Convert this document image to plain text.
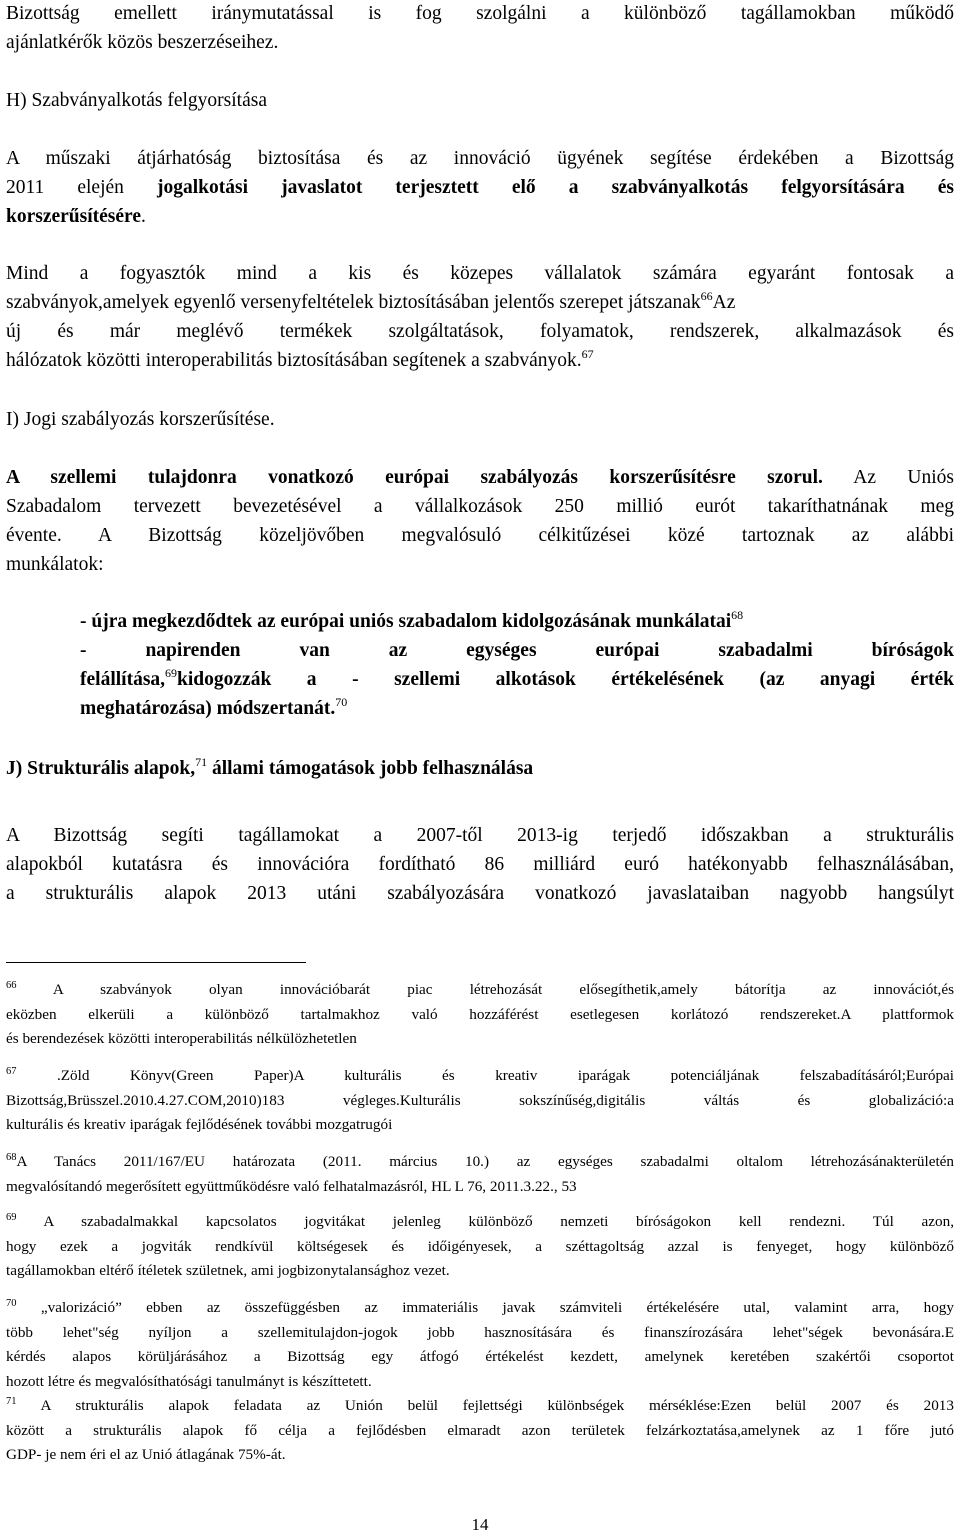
Bizottság emellett iránymutatással is fog szolgálni a különböző tagállamokban működő
ajánlatkérők közös beszerzéseihez.
H) Szabványalkotás felgyorsítása
A műszaki átjárhatóság biztosítása és az innováció ügyének segítése érdekében a Bizottság
2011 elején jogalkotási javaslatot terjesztett elő a szabványalkotás felgyorsítására és
korszerűsítésére.
Mind a fogyasztók mind a kis és közepes vállalatok számára egyaránt fontosak a
szabványok,amelyek egyenlő versenyfeltételek biztosításában jelentős szerepet játszanak$^{66}$Az
új és már meglévő termékek szolgáltatások, folyamatok, rendszerek, alkalmazások és
hálózatok közötti interoperabilitás biztosításában segítenek a szabványok.$^{67}$
I) Jogi szabályozás korszerűsítése.
A szellemi tulajdonra vonatkozó európai szabályozás korszerűsítésre szorul. Az Uniós
Szabadalom tervezett bevezetésével a vállalkozások 250 millió eurót takaríthatnának meg
évente. A Bizottság közeljövőben megvalósuló célkitűzései közé tartoznak az alábbi
munkálatok:
- újra megkezdődtek az európai uniós szabadalom kidolgozásának munkálatai$^{68}$
- napirenden van az egységes európai szabadalmi bíróságok
felállítása,$^{69}$kidogozzák a - szellemi alkotások értékelésének (az anyagi érték
meghatározása) módszertanát.$^{70}$
J) Strukturális alapok,$^{71}$ állami támogatások jobb felhasználása
A Bizottság segíti tagállamokat a 2007-től 2013-ig terjedő időszakban a strukturális
alapokból kutatásra és innovációra fordítható 86 milliárd euró hatékonyabb felhasználásában,
a strukturális alapok 2013 utáni szabályozására vonatkozó javaslataiban nagyobb hangsúlyt
$^{66}$ A szabványok olyan innovációbarát piac létrehozását elősegíthetik,amely bátorítja az innovációt,és
eközben elkerüli a különböző tartalmakhoz való hozzáférést esetlegesen korlátozó rendszereket.A plattformok
és berendezések közötti interoperabilitás nélkülözhetetlen
$^{67}$ .Zöld Könyv(Green Paper)A kulturális és kreativ iparágak potenciáljának felszabadításáról;Európai
Bizottság,Brüsszel.2010.4.27.COM,2010)183 végleges.Kulturális sokszínűség,digitális váltás és globalizáció:a
kulturális és kreativ iparágak fejlődésének további mozgatrugói
$^{68}$A Tanács 2011/167/EU határozata (2011. március 10.) az egységes szabadalmi oltalom létrehozásánakterületén
megvalósítandó megerősített együttműködésre való felhatalmazásról, HL L 76, 2011.3.22., 53
$^{69}$ A szabadalmakkal kapcsolatos jogvitákat jelenleg különböző nemzeti bíróságokon kell rendezni. Túl azon,
hogy ezek a jogviták rendkívül költségesek és időigényesek, a széttagoltság azzal is fenyeget, hogy különböző
tagállamokban eltérő ítéletek születnek, ami jogbizonytalansághoz vezet.
$^{70}$ „valorizáció” ebben az összefüggésben az immateriális javak számviteli értékelésére utal, valamint arra, hogy
több lehet"ség nyíljon a szellemitulajdon-jogok jobb hasznosítására és finanszírozására lehet"ségek bevonására.E
kérdés alapos körüljárásához a Bizottság egy átfogó értékelést kezdett, amelynek keretében szakértői csoportot
hozott létre és megvalósíthatósági tanulmányt is készíttetett.
$^{71}$ A strukturális alapok feladata az Unión belül fejlettségi különbségek mérséklése:Ezen belül 2007 és 2013
között a strukturális alapok fő célja a fejlődésben elmaradt azon területek felzárkoztatása,amelynek az 1 főre jutó
GDP- je nem éri el az Unió átlagának 75%-át.
14
